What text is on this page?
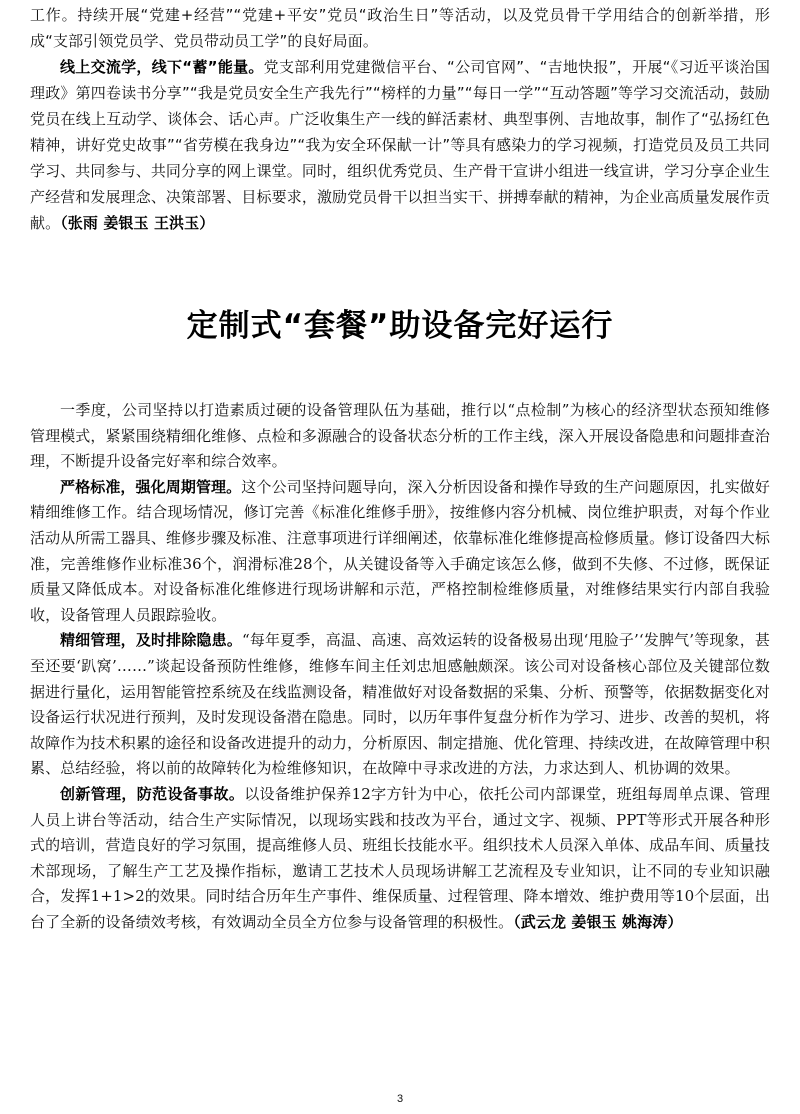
工作。持续开展“党建+经营”“党建+平安”党员“政治生日”等活动，以及党员骨干学用结合的创新举措，形成“支部引领党员学、党员带动员工学”的良好局面。

线上交流学，线下“蓄”能量。党支部利用党建微信平台、“公司官网”、“吉地快报”，开展“《习近平谈治国理政》第四卷读书分享”“我是党员安全生产我先行”“榜样的力量”“每日一学”“互动答题”等学习交流活动，鼓励党员在线上互动学、谈体会、话心声。广泛收集生产一线的鲜活素材、典型事例、吉地故事，制作了“弘扬红色精神，讲好党史故事”“省劳模在我身边”“我为安全环保献一计”等具有感染力的学习视频，打造党员及员工共同学习、共同参与、共同分享的网上课堂。同时，组织优秀党员、生产骨干宣讲小组进一线宣讲，学习分享企业生产经营和发展理念、决策部署、目标要求，激励党员骨干以担当实干、拼搏奉献的精神，为企业高质量发展作贡献。（张雨 姜银玉 王洪玉）

定制式“套餐”助设备完好运行

一季度，公司坚持以打造素质过硬的设备管理队伍为基础，推行以“点检制”为核心的经济型状态预知维修管理模式，紧紧围绕精细化维修、点检和多源融合的设备状态分析的工作主线，深入开展设备隐患和问题排查治理，不断提升设备完好率和综合效率。

严格标准，强化周期管理。这个公司坚持问题导向，深入分析因设备和操作导致的生产问题原因，扎实做好精细维修工作。结合现场情况，修订完善《标准化维修手册》，按维修内容分机械、岗位维护职责，对每个作业活动从所需工器具、维修步骤及标准、注意事项进行详细阐述，依靠标准化维修提高检修质量。修订设备四大标准，完善维修作业标准36个，润滑标准28个，从关键设备等入手确定该怎么修，做到不失修、不过修，既保证质量又降低成本。对设备标准化维修进行现场讲解和示范，严格控制检维修质量，对维修结果实行内部自我验收，设备管理人员跟踪验收。

精细管理，及时排除隐患。“每年夏季，高温、高速、高效运转的设备极易出现‘甩脸子’‘发脾气’等现象，甚至还要‘趴窝’……”谈起设备预防性维修，维修车间主任刘忠旭感触颇深。该公司对设备核心部位及关键部位数据进行量化，运用智能管控系统及在线监测设备，精准做好对设备数据的采集、分析、预警等，依据数据变化对设备运行状况进行预判，及时发现设备潜在隐患。同时，以历年事件复盘分析作为学习、进步、改善的契机，将故障作为技术积累的途径和设备改进提升的动力，分析原因、制定措施、优化管理、持续改进，在故障管理中积累、总结经验，将以前的故障转化为检维修知识，在故障中寻求改进的方法，力求达到人、机协调的效果。

创新管理，防范设备事故。以设备维护保养12字方针为中心，依托公司内部课堂，班组每周单点课、管理人员上讲台等活动，结合生产实际情况，以现场实践和技改为平台，通过文字、视频、PPT等形式开展各种形式的培训，营造良好的学习氛围，提高维修人员、班组长技能水平。组织技术人员深入单体、成品车间、质量技术部现场，了解生产工艺及操作指标，邀请工艺技术人员现场讲解工艺流程及专业知识，让不同的专业知识融合，发挥1+1>2的效果。同时结合历年生产事件、维保质量、过程管理、降本增效、维护费用等10个层面，出台了全新的设备绩效考核，有效调动全员全方位参与设备管理的积极性。（武云龙 姜银玉 姚海涛）

3
